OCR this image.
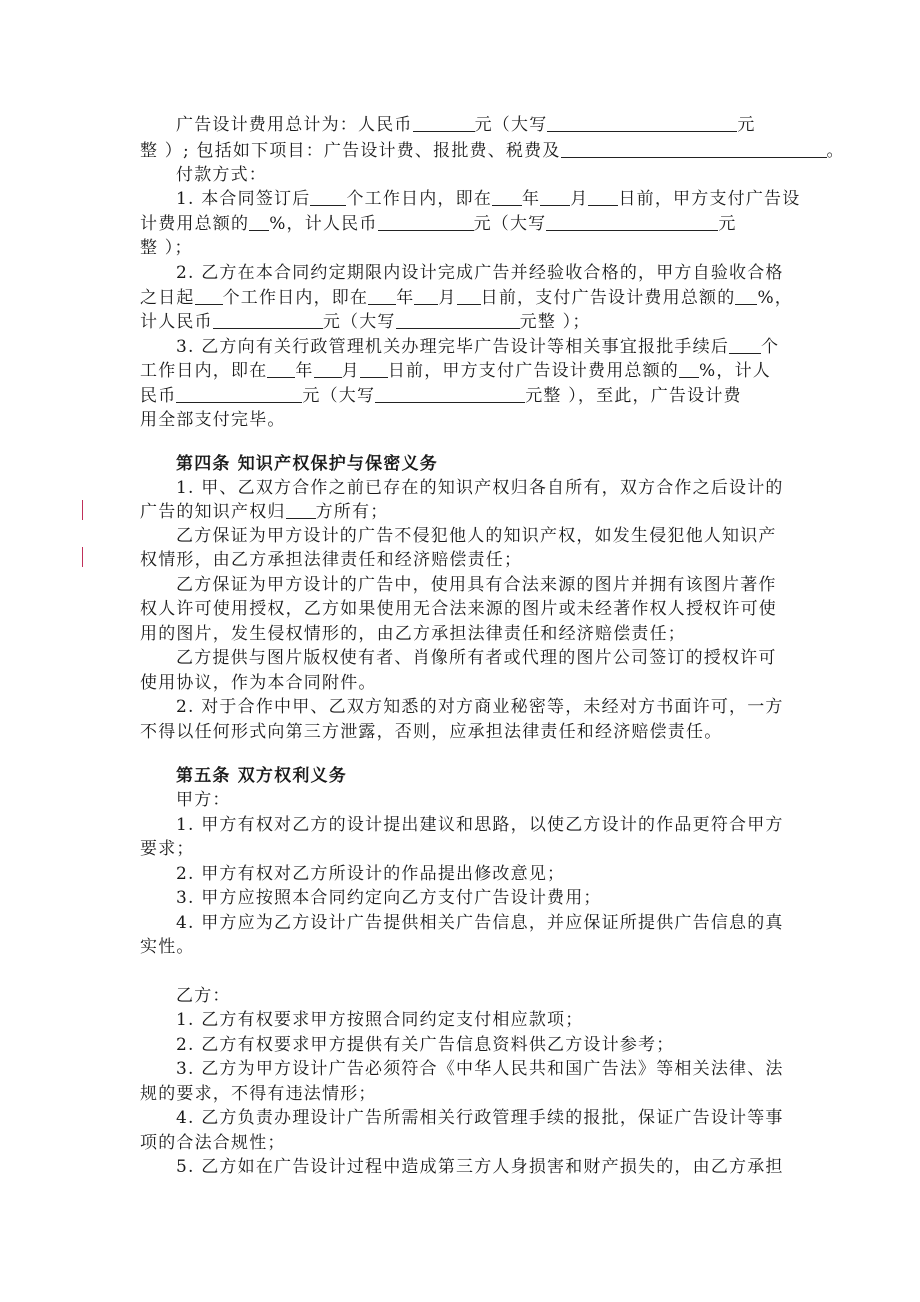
广告设计费用总计为：人民币	元（大写	元
整 ）; 包括如下项目：广告设计费、报批费、税费及	。
付款方式：
1. 本合同签订后 个工作日内，即在 年 月 日前，甲方支付广告设
计费用总额的 %，计人民币	元（大写	元
整 ）；
2. 乙方在本合同约定期限内设计完成广告并经验收合格的，甲方自验收合格
之日起 个工作日内，即在 年 月 日前，支付广告设计费用总额的 %，
计人民币	元（大写	元整 ）；
3. 乙方向有关行政管理机关办理完毕广告设计等相关事宜报批手续后 个
工作日内，即在 年 月 日前，甲方支付广告设计费用总额的 %，计人
民币	元（大写	元整 ），至此，广告设计费
用全部支付完毕。
第四条 知识产权保护与保密义务
1. 甲、乙双方合作之前已存在的知识产权归各自所有，双方合作之后设计的
广告的知识产权归 方所有；
乙方保证为甲方设计的广告不侵犯他人的知识产权，如发生侵犯他人知识产
权情形，由乙方承担法律责任和经济赔偿责任；
乙方保证为甲方设计的广告中，使用具有合法来源的图片并拥有该图片著作
权人许可使用授权，乙方如果使用无合法来源的图片或未经著作权人授权许可使
用的图片，发生侵权情形的，由乙方承担法律责任和经济赔偿责任；
乙方提供与图片版权使有者、肖像所有者或代理的图片公司签订的授权许可
使用协议，作为本合同附件。
2. 对于合作中甲、乙双方知悉的对方商业秘密等，未经对方书面许可，一方
不得以任何形式向第三方泄露，否则，应承担法律责任和经济赔偿责任。
第五条 双方权利义务
甲方：
1. 甲方有权对乙方的设计提出建议和思路，以使乙方设计的作品更符合甲方
要求；
2. 甲方有权对乙方所设计的作品提出修改意见；
3. 甲方应按照本合同约定向乙方支付广告设计费用；
4. 甲方应为乙方设计广告提供相关广告信息，并应保证所提供广告信息的真
实性。
乙方：
1. 乙方有权要求甲方按照合同约定支付相应款项；
2. 乙方有权要求甲方提供有关广告信息资料供乙方设计参考；
3. 乙方为甲方设计广告必须符合《中华人民共和国广告法》等相关法律、法
规的要求，不得有违法情形；
4. 乙方负责办理设计广告所需相关行政管理手续的报批，保证广告设计等事
项的合法合规性；
5. 乙方如在广告设计过程中造成第三方人身损害和财产损失的，由乙方承担
